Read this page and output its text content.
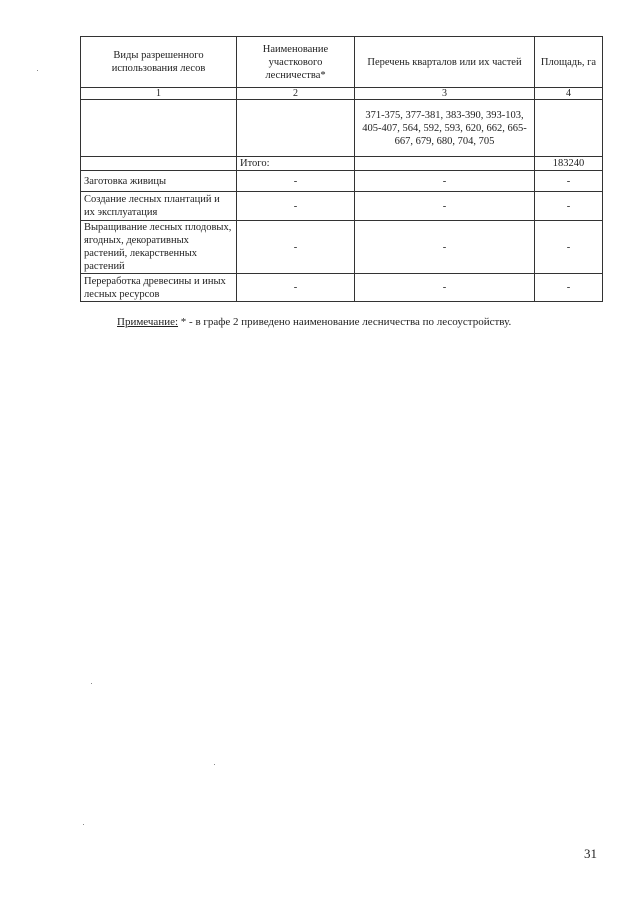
Виды разрешенного использования лесов	Наименование участкового лесничества*	Перечень кварталов или их частей	Площадь, га
1	2	3	4
		371-375, 377-381, 383-390, 393-103, 405-407, 564, 592, 593, 620, 662, 665-667, 679, 680, 704, 705	
	Итого:		183240
Заготовка живицы	-	-	-
Создание лесных плантаций и их эксплуатация	-	-	-
Выращивание лесных плодовых, ягодных, декоративных растений, лекарственных растений	-	-	-
Переработка древесины и иных лесных ресурсов	-	-	-
Примечание: * - в графе 2 приведено наименование лесничества по лесоустройству.
31
